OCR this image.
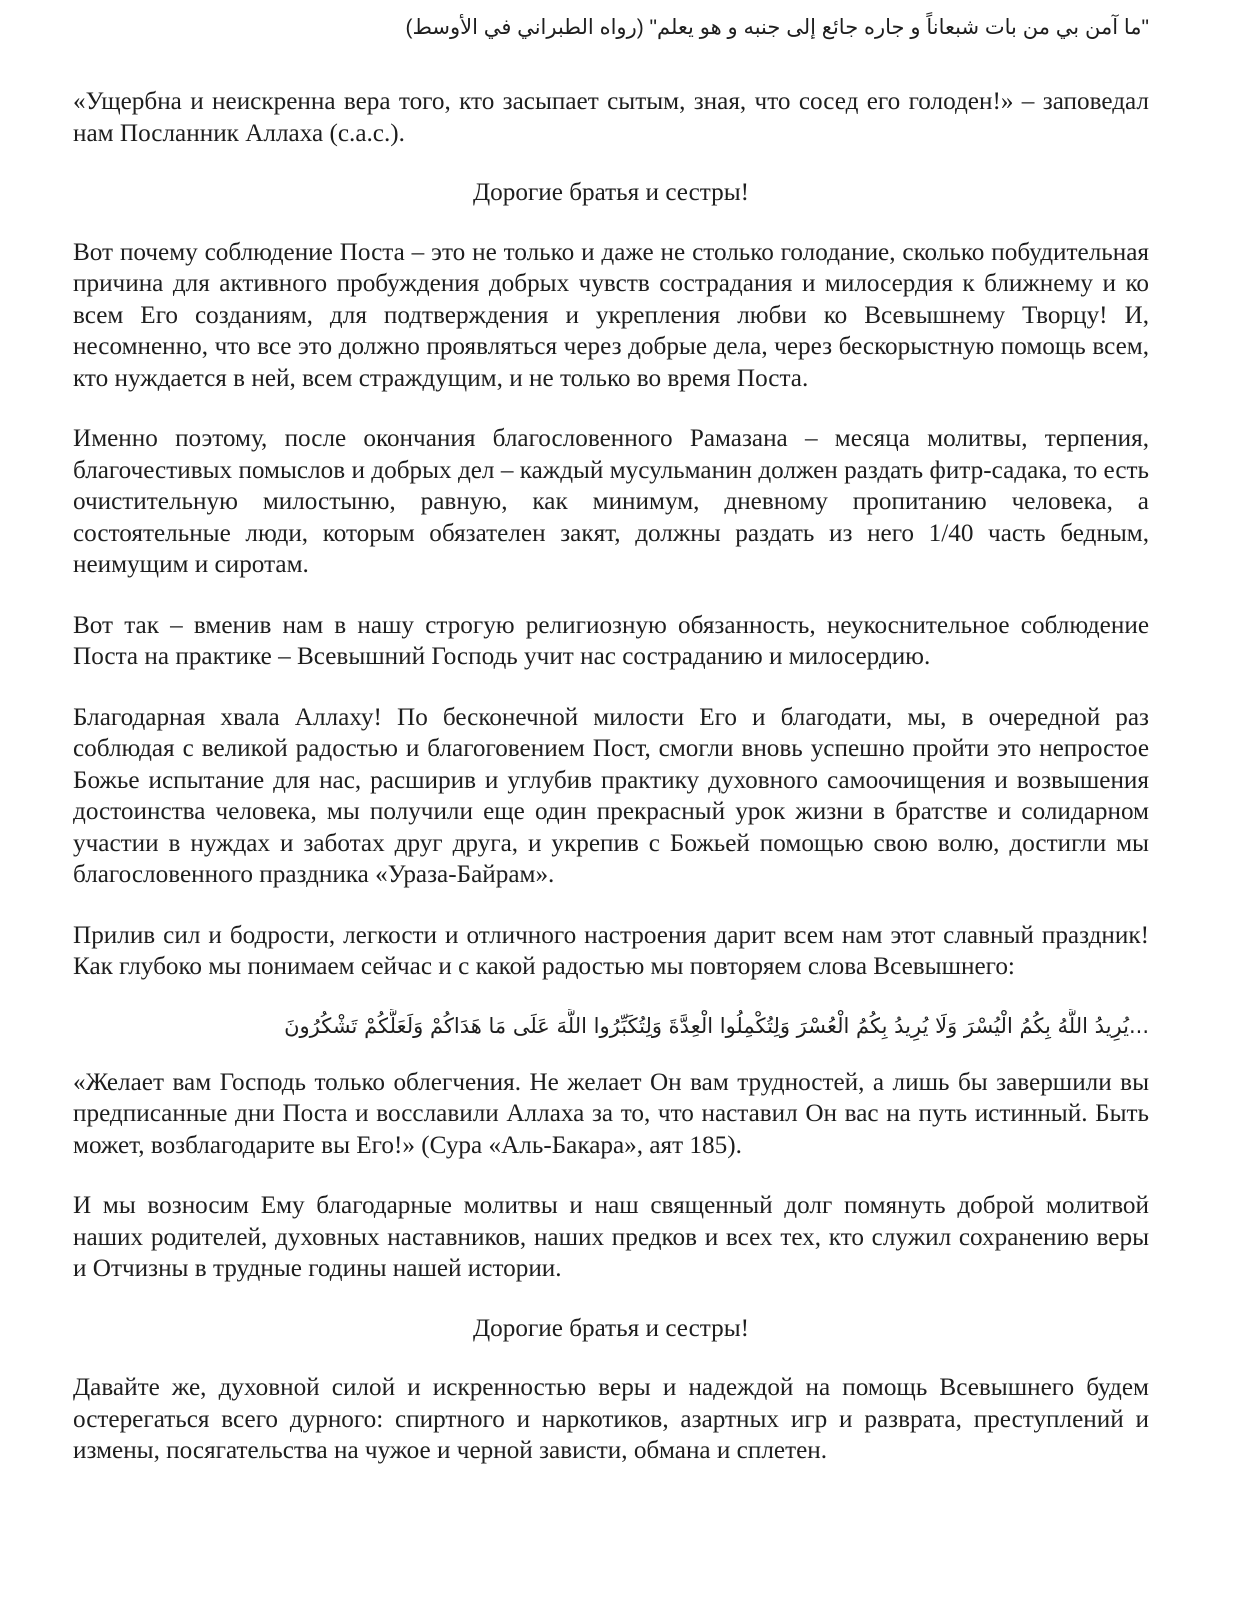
"ما آمن بي من بات شبعاناً و جاره جائع إلى جنبه و هو يعلم" (رواه الطبراني في الأوسط)

«Ущербна и неискренна вера того, кто засыпает сытым, зная, что сосед его голоден!» – заповедал нам Посланник Аллаха (с.а.с.).

Дорогие братья и сестры!

Вот почему соблюдение Поста – это не только и даже не столько голодание, сколько побудительная причина для активного пробуждения добрых чувств сострадания и милосердия к ближнему и ко всем Его созданиям, для подтверждения и укрепления любви ко Всевышнему Творцу! И, несомненно, что все это должно проявляться через добрые дела, через бескорыстную помощь всем, кто нуждается в ней, всем страждущим, и не только во время Поста.

Именно поэтому, после окончания благословенного Рамазана – месяца молитвы, терпения, благочестивых помыслов и добрых дел – каждый мусульманин должен раздать фитр-садака, то есть очистительную милостыню, равную, как минимум, дневному пропитанию человека, а состоятельные люди, которым обязателен закят, должны раздать из него 1/40 часть бедным, неимущим и сиротам.

Вот так – вменив нам в нашу строгую религиозную обязанность, неукоснительное соблюдение Поста на практике – Всевышний Господь учит нас состраданию и милосердию.

Благодарная хвала Аллаху! По бесконечной милости Его и благодати, мы, в очередной раз соблюдая с великой радостью и благоговением Пост, смогли вновь успешно пройти это непростое Божье испытание для нас, расширив и углубив практику духовного самоочищения и возвышения достоинства человека, мы получили еще один прекрасный урок жизни в братстве и солидарном участии в нуждах и заботах друг друга, и укрепив с Божьей помощью свою волю, достигли мы благословенного праздника «Ураза-Байрам».

Прилив сил и бодрости, легкости и отличного настроения дарит всем нам этот славный праздник! Как глубоко мы понимаем сейчас и с какой радостью мы повторяем слова Всевышнего:

...يُرِيدُ اللَّهُ بِكُمُ الْيُسْرَ وَلَا يُرِيدُ بِكُمُ الْعُسْرَ وَلِتُكْمِلُوا الْعِدَّةَ وَلِتُكَبِّرُوا اللَّهَ عَلَى مَا هَدَاكُمْ وَلَعَلَّكُمْ تَشْكُرُونَ

«Желает вам Господь только облегчения. Не желает Он вам трудностей, а лишь бы завершили вы предписанные дни Поста и восславили Аллаха за то, что наставил Он вас на путь истинный. Быть может, возблагодарите вы Его!» (Сура «Аль-Бакара», аят 185).

И мы возносим Ему благодарные молитвы и наш священный долг помянуть доброй молитвой наших родителей, духовных наставников, наших предков и всех тех, кто служил сохранению веры и Отчизны в трудные годины нашей истории.

Дорогие братья и сестры!

Давайте же, духовной силой и искренностью веры и надеждой на помощь Всевышнего будем остерегаться всего дурного: спиртного и наркотиков, азартных игр и разврата, преступлений и измены, посягательства на чужое и черной зависти, обмана и сплетен.
